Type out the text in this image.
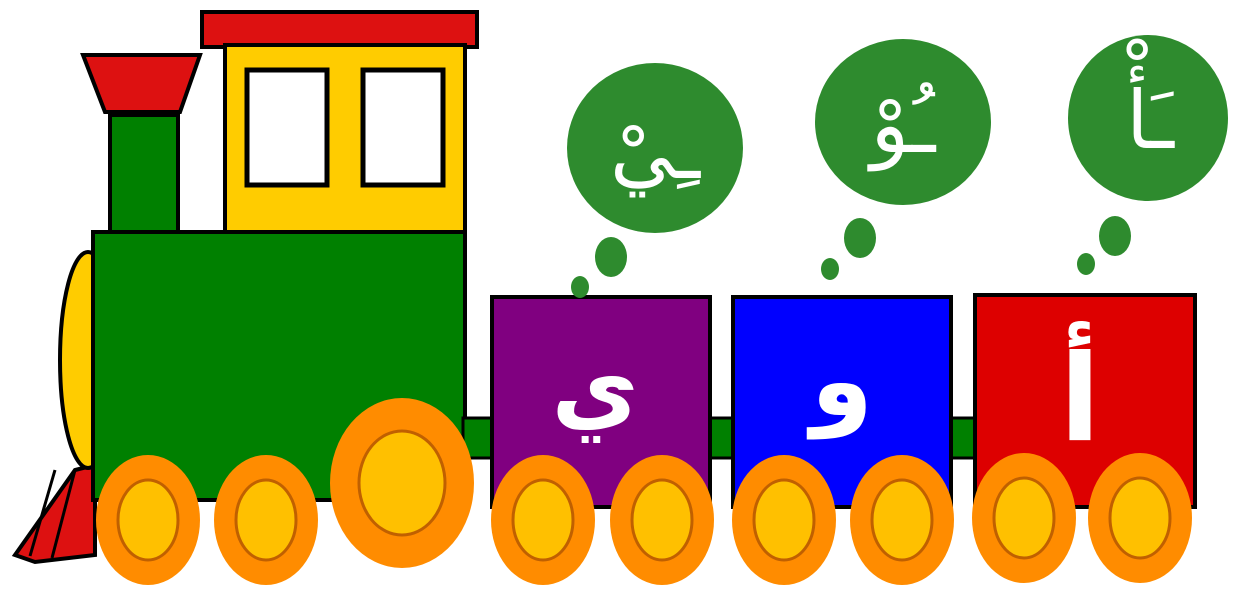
ي و أ
ـِيْ ـُوْ ـَأْ
